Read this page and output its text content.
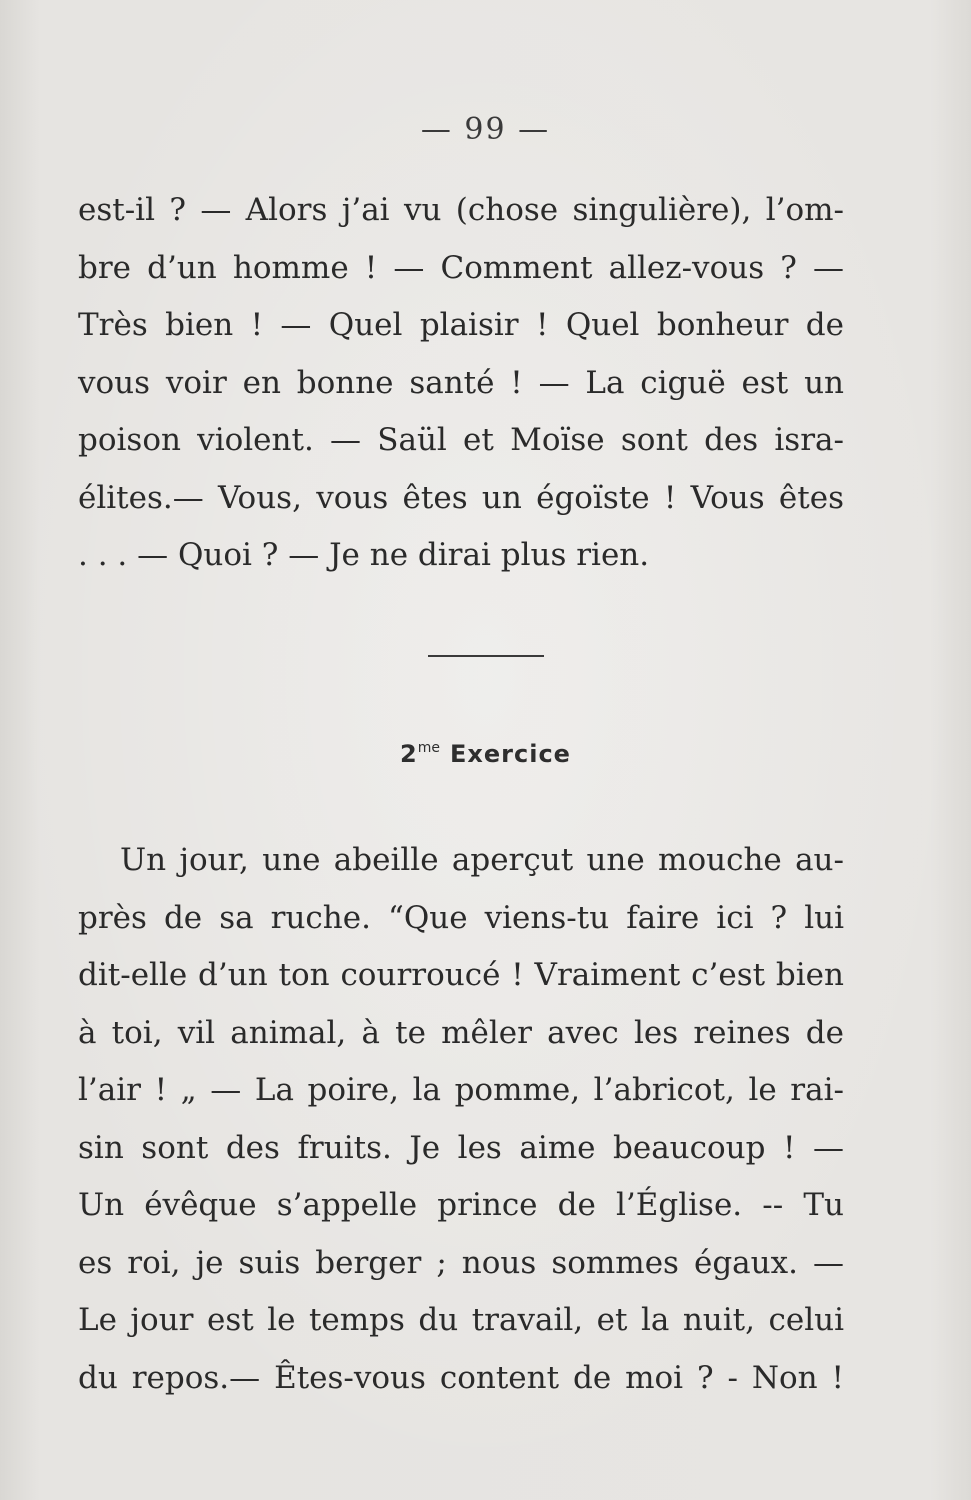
— 99 —
est-il ? — Alors j’ai vu (chose singulière), l’om-
bre d’un homme ! — Comment allez-vous ? —
Très bien ! — Quel plaisir ! Quel bonheur de
vous voir en bonne santé ! — La ciguë est un
poison violent. — Saül et Moïse sont des isra-
élites.— Vous, vous êtes un égoïste ! Vous êtes
. . . — Quoi ? — Je ne dirai plus rien.
$2^{me}$ Exercice
Un jour, une abeille aperçut une mouche au-
près de sa ruche. “Que viens-tu faire ici ? lui
dit-elle d’un ton courroucé ! Vraiment c’est bien
à toi, vil animal, à te mêler avec les reines de
l’air ! „ — La poire, la pomme, l’abricot, le rai-
sin sont des fruits. Je les aime beaucoup ! —
Un évêque s’appelle prince de l’Église. -- Tu
es roi, je suis berger ; nous sommes égaux. —
Le jour est le temps du travail, et la nuit, celui
du repos.— Êtes-vous content de moi ? - Non !
